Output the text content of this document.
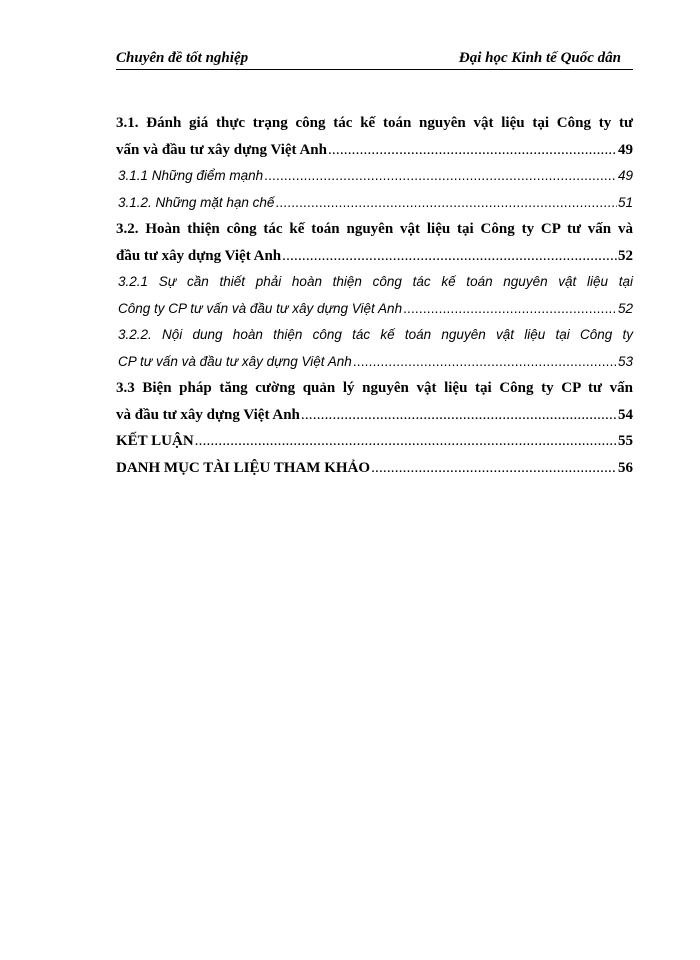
Chuyên đề tốt nghiệp	Đại học Kinh tế Quốc dân
3.1. Đánh giá thực trạng công tác kế toán nguyên vật liệu tại Công ty tư
vấn và đầu tư xây dựng Việt Anh .....	49
3.1.1 Những điểm mạnh .....	49
3.1.2. Những mặt hạn chế .....	51
3.2. Hoàn thiện công tác kế toán nguyên vật liệu tại Công ty CP tư vấn và
đầu tư xây dựng Việt Anh .....	52
3.2.1 Sự cần thiết phải hoàn thiện công tác kế toán nguyên vật liệu tại
Công ty CP tư vấn và đầu tư xây dựng Việt Anh .....	52
3.2.2. Nội dung hoàn thiện công tác kế toán nguyên vật liệu tại Công ty
CP tư vấn và đầu tư xây dựng Việt Anh .....	53
3.3 Biện pháp tăng cường quản lý nguyên vật liệu tại Công ty CP tư vấn
và đầu tư xây dựng Việt Anh .....	54
KẾT LUẬN .....	55
DANH MỤC TÀI LIỆU THAM KHẢO .....	56
